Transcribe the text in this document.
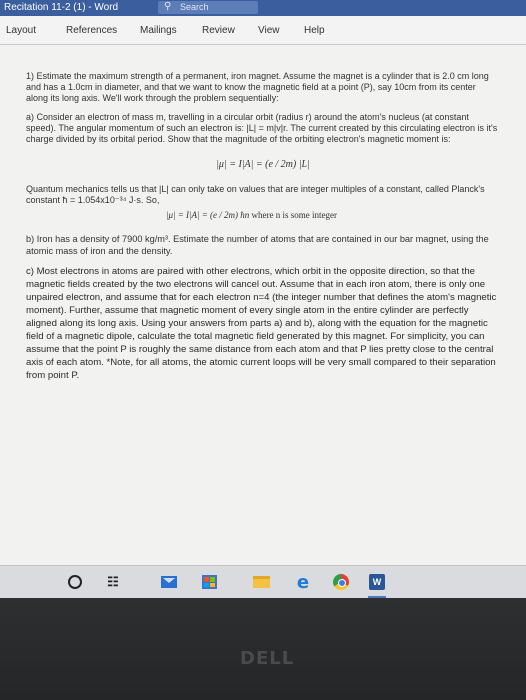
Recitation 11-2 (1) - Word	⚲ Search
Layout	References Mailings	Review View Help

1) Estimate the maximum strength of a permanent, iron magnet. Assume the magnet is a cylinder that is 2.0 cm long and has a 1.0cm in diameter, and that we want to know the magnetic field at a point (P), say 10cm from its center along its long axis. We'll work through the problem sequentially:

a) Consider an electron of mass m, travelling in a circular orbit (radius r) around the atom's nucleus (at constant speed). The angular momentum of such an electron is: |L| = m|v|r. The current created by this circulating electron is it's charge divided by its orbital period. Show that the magnitude of the orbiting electron's magnetic moment is:

|μ| = I|A| = (e / 2m) |L|

Quantum mechanics tells us that |L| can only take on values that are integer multiples of a constant, called Planck's constant ħ = 1.054x10⁻³⁴ J·s. So,

|μ| = I|A| = (e / 2m) ħn where n is some integer

b) Iron has a density of 7900 kg/m³. Estimate the number of atoms that are contained in our bar magnet, using the atomic mass of iron and the density.

c) Most electrons in atoms are paired with other electrons, which orbit in the opposite direction, so that the magnetic fields created by the two electrons will cancel out. Assume that in each iron atom, there is only one unpaired electron, and assume that for each electron n=4 (the integer number that defines the atom's magnetic moment). Further, assume that magnetic moment of every single atom in the entire cylinder are perfectly aligned along its long axis. Using your answers from parts a) and b), along with the equation for the magnetic field of a magnetic dipole, calculate the total magnetic field generated by this magnet. For simplicity, you can assume that the point P is roughly the same distance from each atom and that P lies pretty close to the central axis of each atom. *Note, for all atoms, the atomic current loops will be very small compared to their separation from point P.

☷	e	W
DELL
